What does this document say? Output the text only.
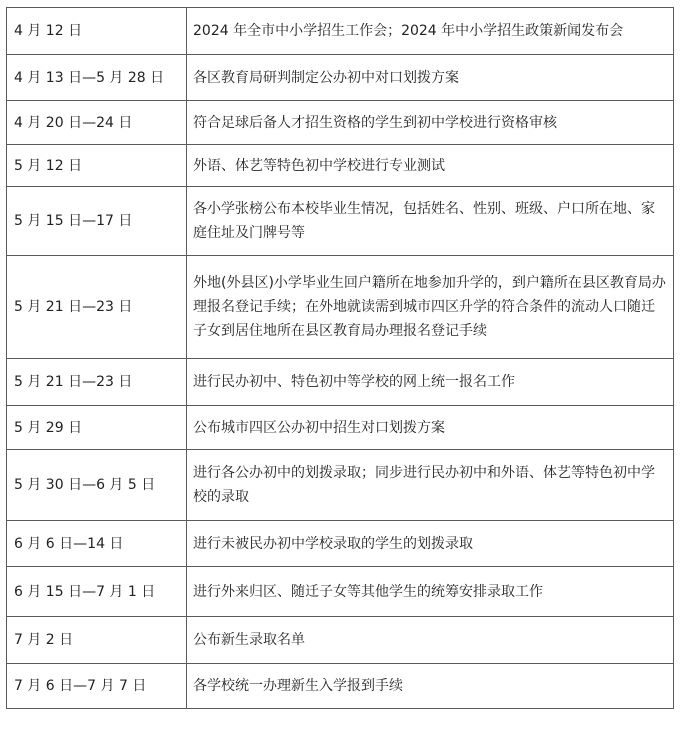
4 月 12 日	2024 年全市中小学招生工作会；2024 年中小学招生政策新闻发布会
4 月 13 日—5 月 28 日	各区教育局研判制定公办初中对口划拨方案
4 月 20 日—24 日	符合足球后备人才招生资格的学生到初中学校进行资格审核
5 月 12 日	外语、体艺等特色初中学校进行专业测试
5 月 15 日—17 日	各小学张榜公布本校毕业生情况，包括姓名、性别、班级、户口所在地、家庭住址及门牌号等
5 月 21 日—23 日	外地(外县区)小学毕业生回户籍所在地参加升学的，到户籍所在县区教育局办理报名登记手续；在外地就读需到城市四区升学的符合条件的流动人口随迁子女到居住地所在县区教育局办理报名登记手续
5 月 21 日—23 日	进行民办初中、特色初中等学校的网上统一报名工作
5 月 29 日	公布城市四区公办初中招生对口划拨方案
5 月 30 日—6 月 5 日	进行各公办初中的划拨录取；同步进行民办初中和外语、体艺等特色初中学校的录取
6 月 6 日—14 日	进行未被民办初中学校录取的学生的划拨录取
6 月 15 日—7 月 1 日	进行外来归区、随迁子女等其他学生的统筹安排录取工作
7 月 2 日	公布新生录取名单
7 月 6 日—7 月 7 日	各学校统一办理新生入学报到手续
